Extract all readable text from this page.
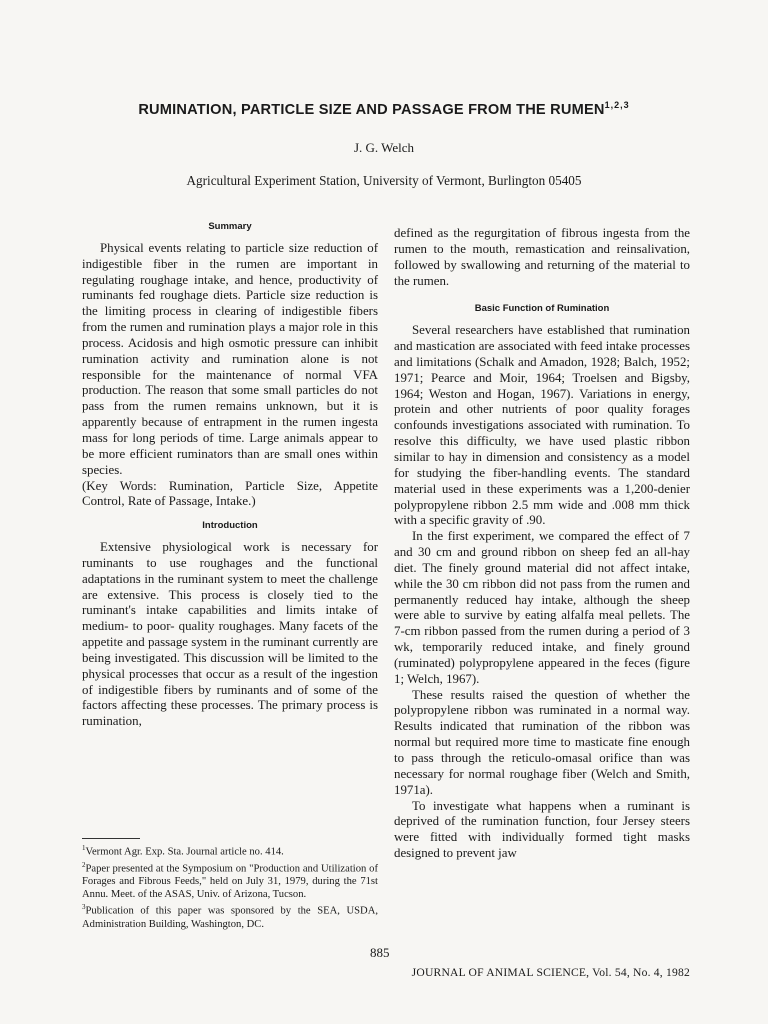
RUMINATION, PARTICLE SIZE AND PASSAGE FROM THE RUMEN$^{1,2,3}$
J. G. Welch
Agricultural Experiment Station, University of Vermont, Burlington 05405
Summary

Physical events relating to particle size reduction of indigestible fiber in the rumen are important in regulating roughage intake, and hence, productivity of ruminants fed roughage diets. Particle size reduction is the limiting process in clearing of indigestible fibers from the rumen and rumination plays a major role in this process. Acidosis and high osmotic pressure can inhibit rumination activity and rumination alone is not responsible for the maintenance of normal VFA production. The reason that some small particles do not pass from the rumen remains unknown, but it is apparently because of entrapment in the rumen ingesta mass for long periods of time. Large animals appear to be more efficient ruminators than are small ones within species.

(Key Words: Rumination, Particle Size, Appetite Control, Rate of Passage, Intake.)

Introduction

Extensive physiological work is necessary for ruminants to use roughages and the functional adaptations in the ruminant system to meet the challenge are extensive. This process is closely tied to the ruminant's intake capabilities and limits intake of medium- to poor- quality roughages. Many facets of the appetite and passage system in the ruminant currently are being investigated. This discussion will be limited to the physical processes that occur as a result of the ingestion of indigestible fibers by ruminants and of some of the factors affecting these processes. The primary process is rumination,

defined as the regurgitation of fibrous ingesta from the rumen to the mouth, remastication and reinsalivation, followed by swallowing and returning of the material to the rumen.

Basic Function of Rumination

Several researchers have established that rumination and mastication are associated with feed intake processes and limitations (Schalk and Amadon, 1928; Balch, 1952; 1971; Pearce and Moir, 1964; Troelsen and Bigsby, 1964; Weston and Hogan, 1967). Variations in energy, protein and other nutrients of poor quality forages confounds investigations associated with rumination. To resolve this difficulty, we have used plastic ribbon similar to hay in dimension and consistency as a model for studying the fiber-handling events. The standard material used in these experiments was a 1,200-denier polypropylene ribbon 2.5 mm wide and .008 mm thick with a specific gravity of .90.

In the first experiment, we compared the effect of 7 and 30 cm and ground ribbon on sheep fed an all-hay diet. The finely ground material did not affect intake, while the 30 cm ribbon did not pass from the rumen and permanently reduced hay intake, although the sheep were able to survive by eating alfalfa meal pellets. The 7-cm ribbon passed from the rumen during a period of 3 wk, temporarily reduced intake, and finely ground (ruminated) polypropylene appeared in the feces (figure 1; Welch, 1967).

These results raised the question of whether the polypropylene ribbon was ruminated in a normal way. Results indicated that rumination of the ribbon was normal but required more time to masticate fine enough to pass through the reticulo-omasal orifice than was necessary for normal roughage fiber (Welch and Smith, 1971a).

To investigate what happens when a ruminant is deprived of the rumination function, four Jersey steers were fitted with individually formed tight masks designed to prevent jaw

$^1$Vermont Agr. Exp. Sta. Journal article no. 414.

$^2$Paper presented at the Symposium on "Production and Utilization of Forages and Fibrous Feeds," held on July 31, 1979, during the 71st Annu. Meet. of the ASAS, Univ. of Arizona, Tucson.

$^3$Publication of this paper was sponsored by the SEA, USDA, Administration Building, Washington, DC.

885
JOURNAL OF ANIMAL SCIENCE, Vol. 54, No. 4, 1982
